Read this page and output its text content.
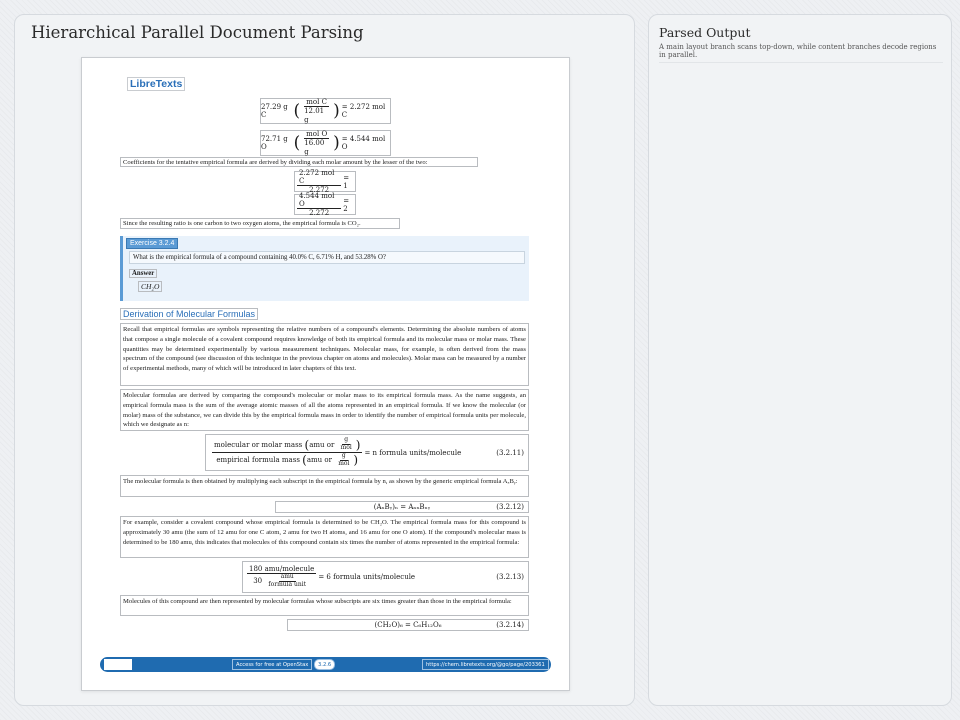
Hierarchical Parallel Document Parsing
LibreTexts
27.29 g C	( $\frac{\text{mol C}}{12.01 g}$ ) = 2.272 mol C
72.71 g O	( $\frac{\text{mol O}}{16.00 g}$ ) = 4.544 mol O
Coefficients for the tentative empirical formula are derived by dividing each molar amount by the lesser of the two:
$\frac{\text{2.272 mol C}}{2.272} = 1$
$\frac{\text{4.544 mol O}}{2.272} = 2$
Since the resulting ratio is one carbon to two oxygen atoms, the empirical formula is CO₂.
Exercise 3.2.4
What is the empirical formula of a compound containing 40.0% C, 6.71% H, and 53.28% O?
Answer
CH₂O
Derivation of Molecular Formulas
Recall that empirical formulas are symbols representing the relative numbers of a compound's elements. Determining the absolute numbers of atoms that compose a single molecule of a covalent compound requires knowledge of both its empirical formula and its molecular mass or molar mass. These quantities may be determined experimentally by various measurement techniques. Molecular mass, for example, is often derived from the mass spectrum of the compound (see discussion of this technique in the previous chapter on atoms and molecules). Molar mass can be measured by a number of experimental methods, many of which will be introduced in later chapters of this text.
Molecular formulas are derived by comparing the compound's molecular or molar mass to its empirical formula mass. As the name suggests, an empirical formula mass is the sum of the average atomic masses of all the atoms represented in an empirical formula. If we know the molecular (or molar) mass of the substance, we can divide this by the empirical formula mass in order to identify the number of empirical formula units per molecule, which we designate as n:
molecular or molar mass
( amu or
$\frac{g}{\text{mol}}$ )
empirical formula mass
( amu or
$\frac{g}{\text{mol}}$ ) = n formula units/molecule	(3.2.11)
The molecular formula is then obtained by multiplying each subscript in the empirical formula by n, as shown by the generic empirical formula AₓBᵧ:
(AₓBᵧ)ₙ = AₙₓBₙᵧ	(3.2.12)
For example, consider a covalent compound whose empirical formula is determined to be CH₂O. The empirical formula mass for this compound is approximately 30 amu (the sum of 12 amu for one C atom, 2 amu for two H atoms, and 16 amu for one O atom). If the compound's molecular mass is determined to be 180 amu, this indicates that molecules of this compound contain six times the number of atoms represented in the empirical formula:
180 amu/molecule
30
$\frac{\text{amu}}{\text{formula unit}} = 6$ formula units/molecule	(3.2.13)
Molecules of this compound are then represented by molecular formulas whose subscripts are six times greater than those in the empirical formula:
(CH₂O)₆ = C₆H₁₂O₆	(3.2.14)
Access for free at OpenStax	3.2.6	https://chem.libretexts.org/@go/page/203361
Parsed Output
A main layout branch scans top-down, while content branches decode regions in parallel.
